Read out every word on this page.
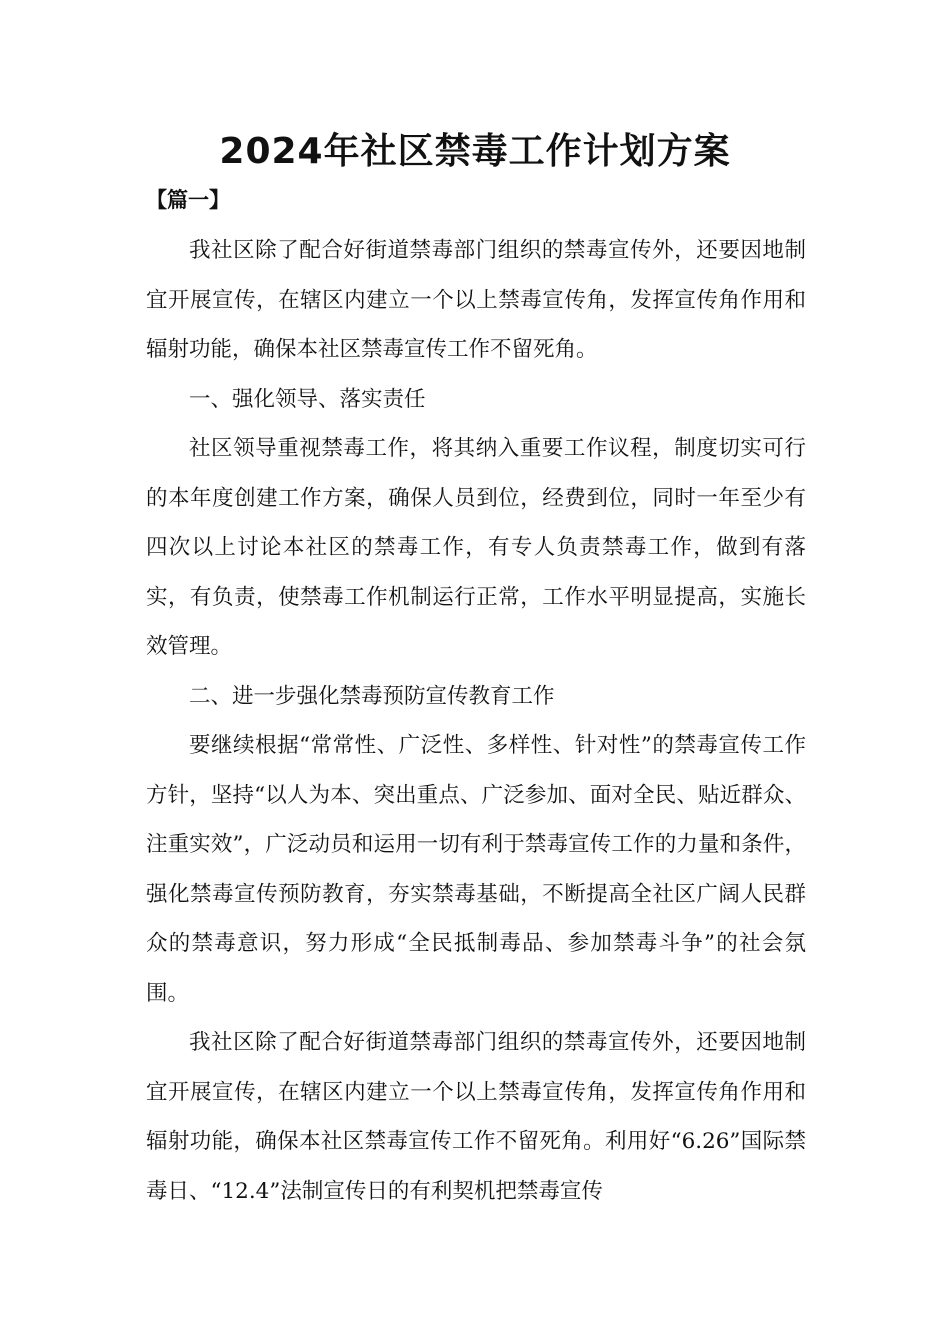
2024年社区禁毒工作计划方案
【篇一】

我社区除了配合好街道禁毒部门组织的禁毒宣传外，还要因地制宜开展宣传，在辖区内建立一个以上禁毒宣传角，发挥宣传角作用和辐射功能，确保本社区禁毒宣传工作不留死角。

一、强化领导、落实责任

社区领导重视禁毒工作，将其纳入重要工作议程，制度切实可行的本年度创建工作方案，确保人员到位，经费到位，同时一年至少有四次以上讨论本社区的禁毒工作，有专人负责禁毒工作，做到有落实，有负责，使禁毒工作机制运行正常，工作水平明显提高，实施长效管理。

二、进一步强化禁毒预防宣传教育工作

要继续根据“常常性、广泛性、多样性、针对性”的禁毒宣传工作方针，坚持“以人为本、突出重点、广泛参加、面对全民、贴近群众、注重实效”，广泛动员和运用一切有利于禁毒宣传工作的力量和条件，强化禁毒宣传预防教育，夯实禁毒基础，不断提高全社区广阔人民群众的禁毒意识，努力形成“全民抵制毒品、参加禁毒斗争”的社会氛围。

我社区除了配合好街道禁毒部门组织的禁毒宣传外，还要因地制宜开展宣传，在辖区内建立一个以上禁毒宣传角，发挥宣传角作用和辐射功能，确保本社区禁毒宣传工作不留死角。利用好“6.26”国际禁毒日、“12.4”法制宣传日的有利契机把禁毒宣传
